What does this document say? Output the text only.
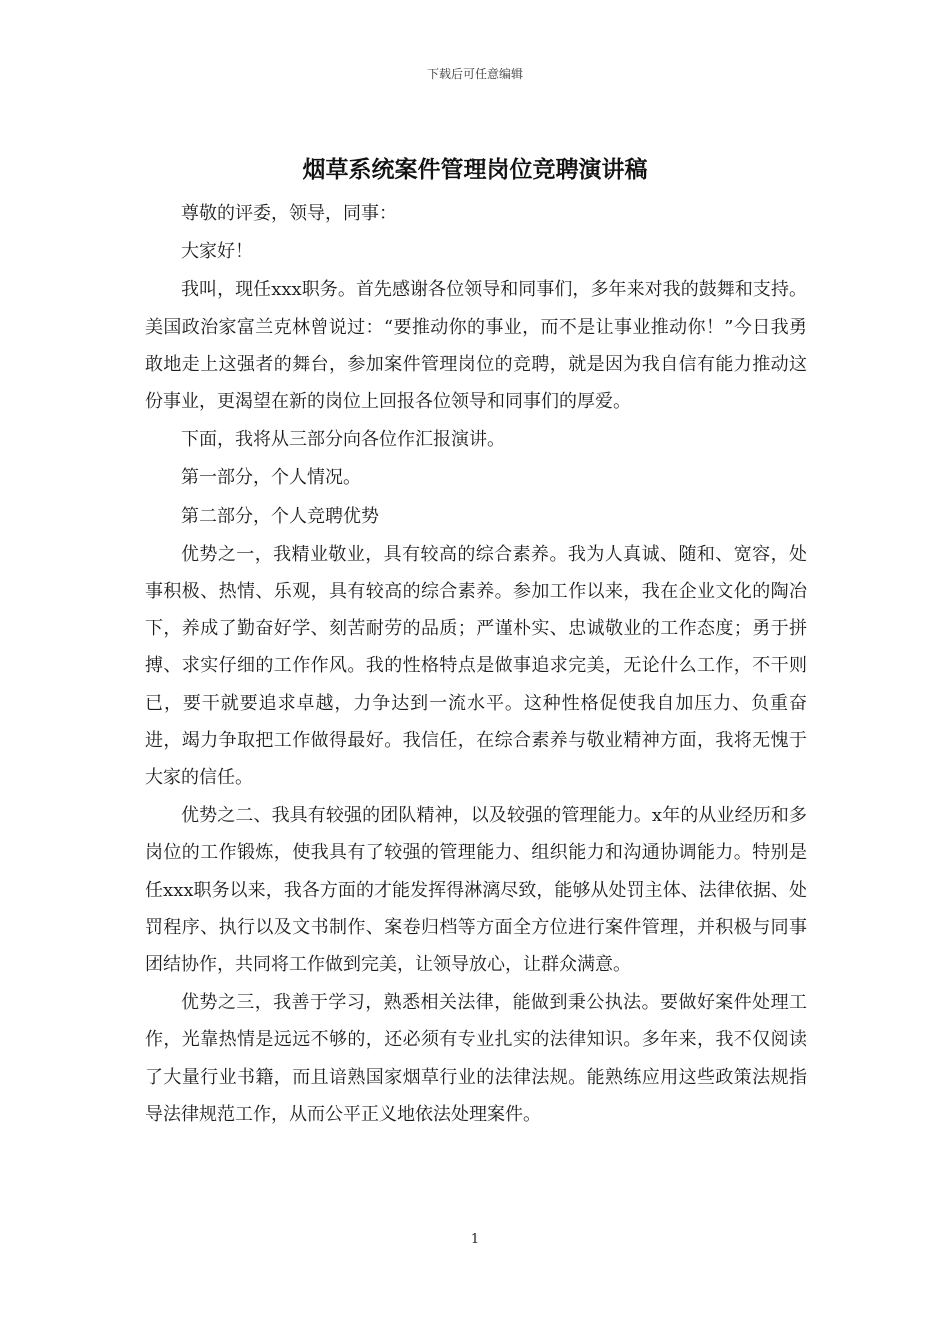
下载后可任意编辑
烟草系统案件管理岗位竞聘演讲稿

尊敬的评委，领导，同事：

大家好！

我叫，现任xxx职务。首先感谢各位领导和同事们，多年来对我的鼓舞和支持。美国政治家富兰克林曾说过：“要推动你的事业，而不是让事业推动你！”今日我勇敢地走上这强者的舞台，参加案件管理岗位的竞聘，就是因为我自信有能力推动这份事业，更渴望在新的岗位上回报各位领导和同事们的厚爱。

下面，我将从三部分向各位作汇报演讲。

第一部分，个人情况。

第二部分，个人竞聘优势

优势之一，我精业敬业，具有较高的综合素养。我为人真诚、随和、宽容，处事积极、热情、乐观，具有较高的综合素养。参加工作以来，我在企业文化的陶冶下，养成了勤奋好学、刻苦耐劳的品质；严谨朴实、忠诚敬业的工作态度；勇于拼搏、求实仔细的工作作风。我的性格特点是做事追求完美，无论什么工作，不干则已，要干就要追求卓越，力争达到一流水平。这种性格促使我自加压力、负重奋进，竭力争取把工作做得最好。我信任，在综合素养与敬业精神方面，我将无愧于大家的信任。

优势之二、我具有较强的团队精神，以及较强的管理能力。x年的从业经历和多岗位的工作锻炼，使我具有了较强的管理能力、组织能力和沟通协调能力。特别是任xxx职务以来，我各方面的才能发挥得淋漓尽致，能够从处罚主体、法律依据、处罚程序、执行以及文书制作、案卷归档等方面全方位进行案件管理，并积极与同事团结协作，共同将工作做到完美，让领导放心，让群众满意。

优势之三，我善于学习，熟悉相关法律，能做到秉公执法。要做好案件处理工作，光靠热情是远远不够的，还必须有专业扎实的法律知识。多年来，我不仅阅读了大量行业书籍，而且谙熟国家烟草行业的法律法规。能熟练应用这些政策法规指导法律规范工作，从而公平正义地依法处理案件。

1
